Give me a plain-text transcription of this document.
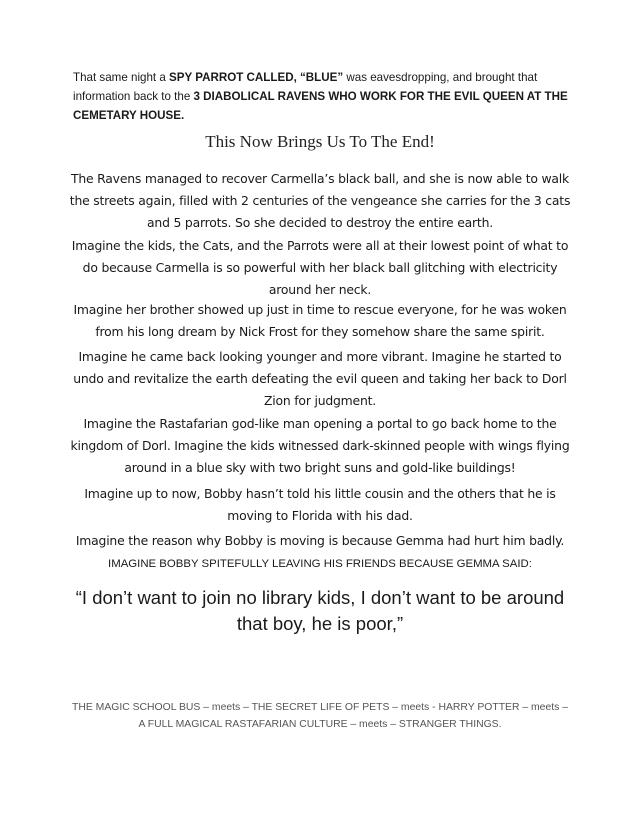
That same night a SPY PARROT CALLED, “BLUE” was eavesdropping, and brought that information back to the 3 DIABOLICAL RAVENS WHO WORK FOR THE EVIL QUEEN AT THE CEMETARY HOUSE.
This Now Brings Us To The End!
The Ravens managed to recover Carmella’s black ball, and she is now able to walk the streets again, filled with 2 centuries of the vengeance she carries for the 3 cats and 5 parrots. So she decided to destroy the entire earth.
Imagine the kids, the Cats, and the Parrots were all at their lowest point of what to do because Carmella is so powerful with her black ball glitching with electricity around her neck.
Imagine her brother showed up just in time to rescue everyone, for he was woken from his long dream by Nick Frost for they somehow share the same spirit.
Imagine he came back looking younger and more vibrant. Imagine he started to undo and revitalize the earth defeating the evil queen and taking her back to Dorl Zion for judgment.
Imagine the Rastafarian god-like man opening a portal to go back home to the kingdom of Dorl. Imagine the kids witnessed dark-skinned people with wings flying around in a blue sky with two bright suns and gold-like buildings!
Imagine up to now, Bobby hasn’t told his little cousin and the others that he is moving to Florida with his dad.
Imagine the reason why Bobby is moving is because Gemma had hurt him badly.
IMAGINE BOBBY SPITEFULLY LEAVING HIS FRIENDS BECAUSE GEMMA SAID:
“I don’t want to join no library kids, I don’t want to be around that boy, he is poor,”
THE MAGIC SCHOOL BUS – meets – THE SECRET LIFE OF PETS – meets - HARRY POTTER – meets – A FULL MAGICAL RASTAFARIAN CULTURE – meets – STRANGER THINGS.
